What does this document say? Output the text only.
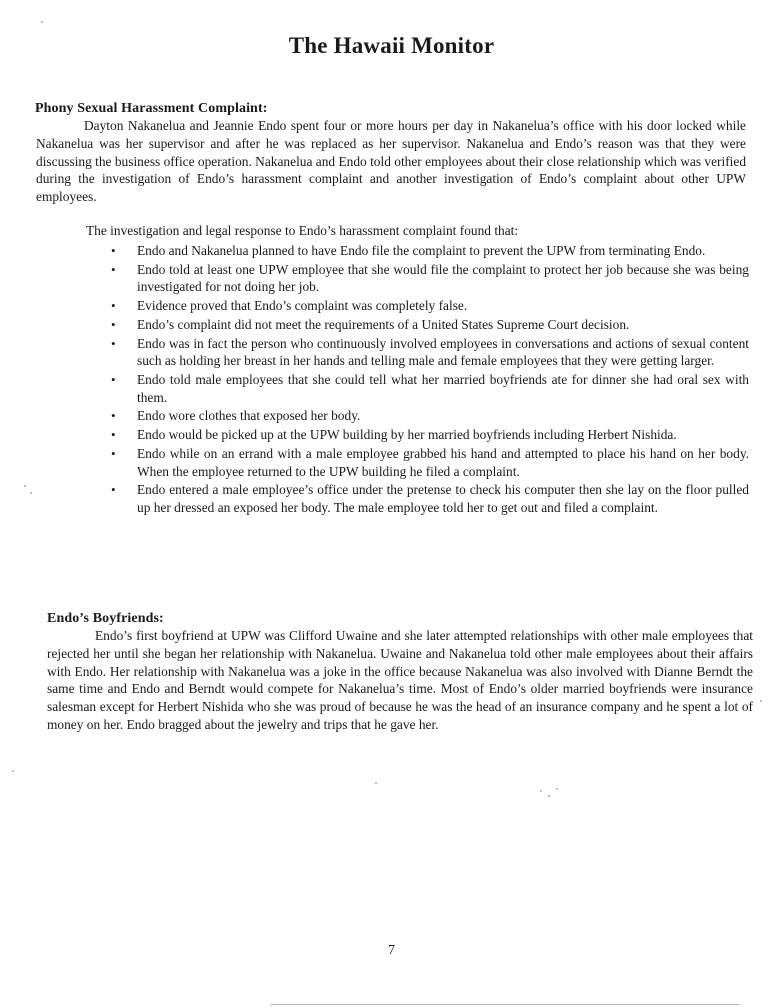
The Hawaii Monitor
Phony Sexual Harassment Complaint:
Dayton Nakanelua and Jeannie Endo spent four or more hours per day in Nakanelua’s office with his door locked while Nakanelua was her supervisor and after he was replaced as her supervisor. Nakanelua and Endo’s reason was that they were discussing the business office operation. Nakanelua and Endo told other employees about their close relationship which was verified during the investigation of Endo’s harassment complaint and another investigation of Endo’s complaint about other UPW employees.
The investigation and legal response to Endo’s harassment complaint found that:
• Endo and Nakanelua planned to have Endo file the complaint to prevent the UPW from terminating Endo.
• Endo told at least one UPW employee that she would file the complaint to protect her job because she was being investigated for not doing her job.
• Evidence proved that Endo’s complaint was completely false.
• Endo’s complaint did not meet the requirements of a United States Supreme Court decision.
• Endo was in fact the person who continuously involved employees in conversations and actions of sexual content such as holding her breast in her hands and telling male and female employees that they were getting larger.
• Endo told male employees that she could tell what her married boyfriends ate for dinner she had oral sex with them.
• Endo wore clothes that exposed her body.
• Endo would be picked up at the UPW building by her married boyfriends including Herbert Nishida.
• Endo while on an errand with a male employee grabbed his hand and attempted to place his hand on her body. When the employee returned to the UPW building he filed a complaint.
• Endo entered a male employee’s office under the pretense to check his computer then she lay on the floor pulled up her dressed an exposed her body. The male employee told her to get out and filed a complaint.
Endo’s Boyfriends:
Endo’s first boyfriend at UPW was Clifford Uwaine and she later attempted relationships with other male employees that rejected her until she began her relationship with Nakanelua. Uwaine and Nakanelua told other male employees about their affairs with Endo. Her relationship with Nakanelua was a joke in the office because Nakanelua was also involved with Dianne Berndt the same time and Endo and Berndt would compete for Nakanelua’s time. Most of Endo’s older married boyfriends were insurance salesman except for Herbert Nishida who she was proud of because he was the head of an insurance company and he spent a lot of money on her. Endo bragged about the jewelry and trips that he gave her.
7
